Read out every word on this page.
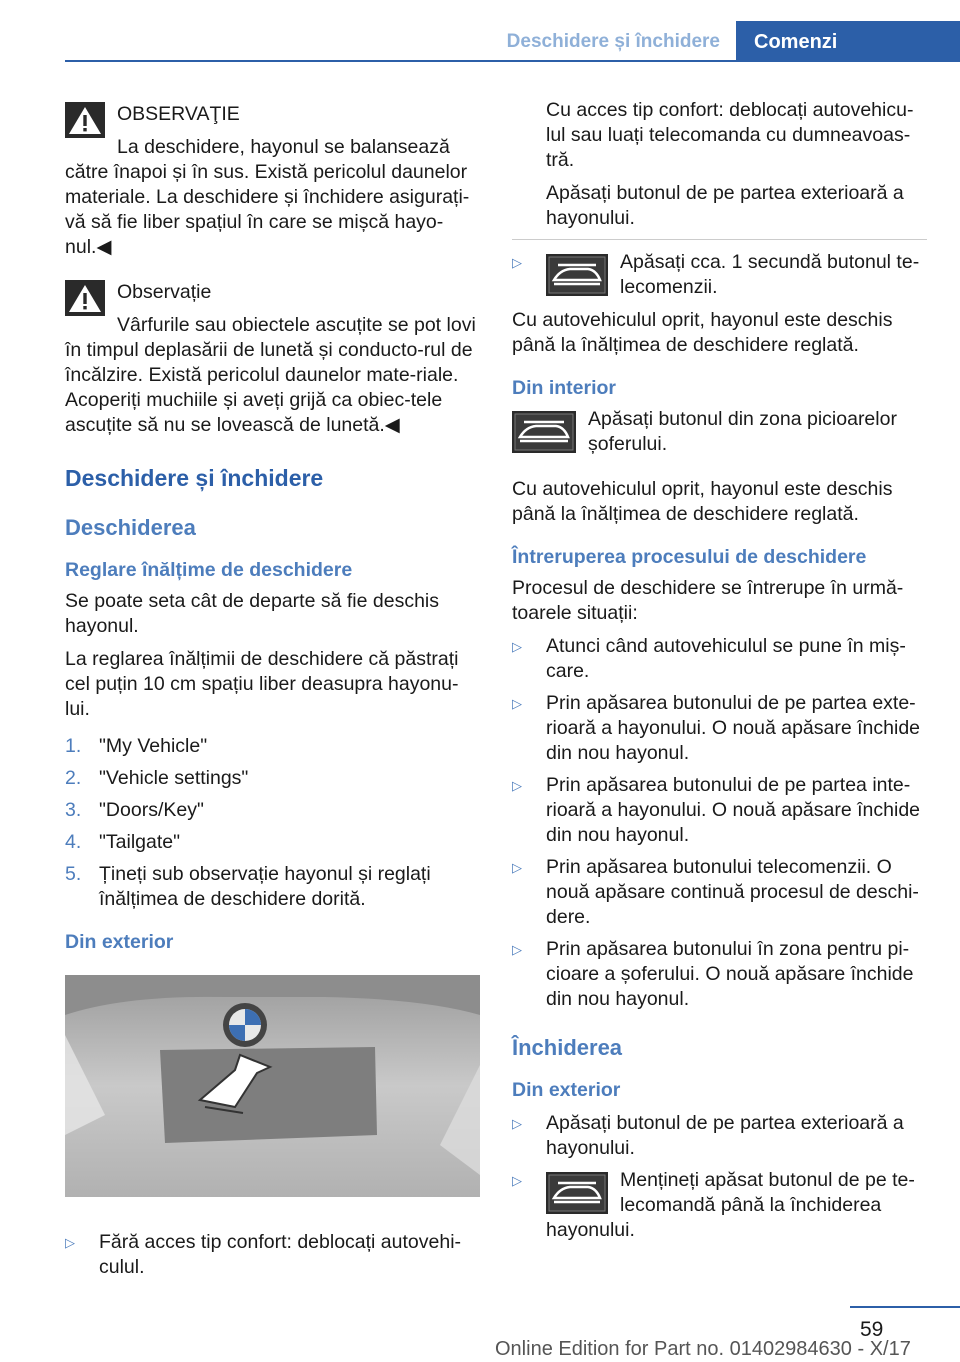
Deschidere și închidere	Comenzi

OBSERVAŢIE

La deschidere, hayonul se balansează către înapoi și în sus. Există pericolul daunelor materiale. La deschidere și închidere asigurați-vă să fie liber spațiul în care se mișcă hayo-nul.◀

Observație

Vârfurile sau obiectele ascuțite se pot lovi în timpul deplasării de lunetă și conducto-rul de încălzire. Există pericolul daunelor mate-riale. Acoperiți muchiile și aveți grijă ca obiec-tele ascuțite să nu se lovească de lunetă.◀

Deschidere și închidere
Deschiderea
Reglare înălțime de deschidere

Se poate seta cât de departe să fie deschis hayonul.

La reglarea înălțimii de deschidere că păstrați cel puțin 10 cm spațiu liber deasupra hayonu-lui.

1. "My Vehicle"
2. "Vehicle settings"
3. "Doors/Key"
4. "Tailgate"
5. Țineți sub observație hayonul și reglați înălțimea de deschidere dorită.
Din exterior
▷ Fără acces tip confort: deblocați autovehi-culul.

Cu acces tip confort: deblocați autovehicu-lul sau luați telecomanda cu dumneavoas-tră.

Apăsați butonul de pe partea exterioară a hayonului.

▷	Apăsați cca. 1 secundă butonul te-lecomenzii.

Cu autovehiculul oprit, hayonul este deschis până la înălțimea de deschidere reglată.

Din interior

Apăsați butonul din zona picioarelor șoferului.

Cu autovehiculul oprit, hayonul este deschis până la înălțimea de deschidere reglată.

Întreruperea procesului de deschidere

Procesul de deschidere se întrerupe în urmă-toarele situații:

▷ Atunci când autovehiculul se pune în miș-care.
▷ Prin apăsarea butonului de pe partea exte-rioară a hayonului. O nouă apăsare închide din nou hayonul.
▷ Prin apăsarea butonului de pe partea inte-rioară a hayonului. O nouă apăsare închide din nou hayonul.
▷ Prin apăsarea butonului telecomenzii. O nouă apăsare continuă procesul de deschi-dere.
▷ Prin apăsarea butonului în zona pentru pi-cioare a șoferului. O nouă apăsare închide din nou hayonul.
Închiderea
Din exterior
▷ Apăsați butonul de pe partea exterioară a hayonului.
▷	Mențineți apăsat butonul de pe te-lecomandă până la închiderea hayonului.
59
Online Edition for Part no. 01402984630 - X/17
